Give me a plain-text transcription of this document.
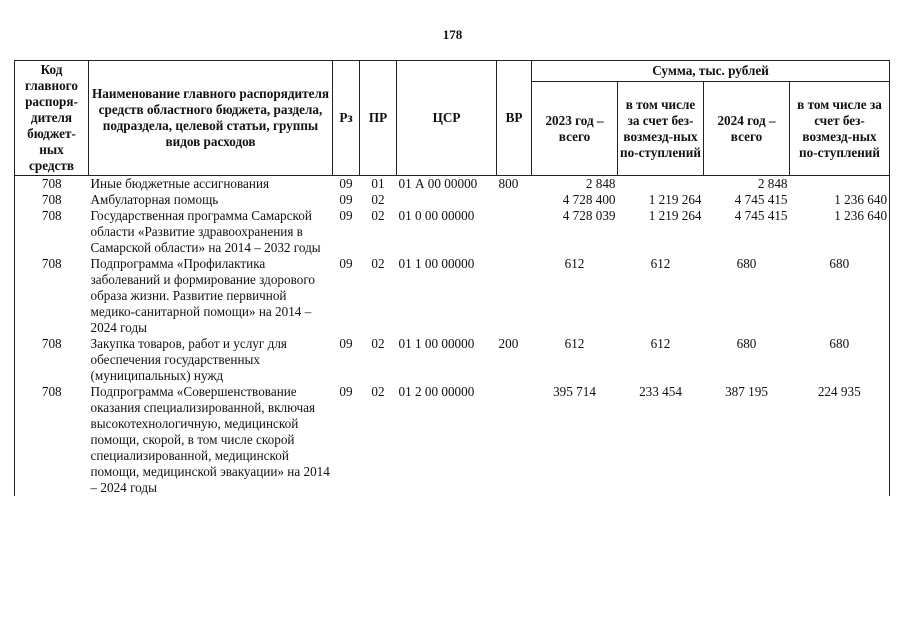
178
Код главного распоря-дителя бюджет-ных средств	Наименование главного распорядителя средств областного бюджета, раздела, подраздела, целевой статьи, группы видов расходов	Рз	ПР	ЦСР	ВР	Сумма, тыс. рублей			
						2023 год – всего	в том числе за счет без-возмезд-ных по-ступлений	2024 год – всего	в том числе за счет без-возмезд-ных по-ступлений
708	Иные бюджетные ассигнования	09	01	01 А 00 00000	800	2 848		2 848	
708	Амбулаторная помощь	09	02			4 728 400	1 219 264	4 745 415	1 236 640
708	Государственная программа Самарской области «Развитие здравоохранения в Самарской области» на 2014 – 2032 годы	09	02	01 0 00 00000		4 728 039	1 219 264	4 745 415	1 236 640
708	Подпрограмма «Профилактика заболеваний и формирование здорового образа жизни. Развитие первичной медико-санитарной помощи» на 2014 – 2024 годы	09	02	01 1 00 00000		612	612	680	680
708	Закупка товаров, работ и услуг для обеспечения государственных (муниципальных) нужд	09	02	01 1 00 00000	200	612	612	680	680
708	Подпрограмма «Совершенствование оказания специализированной, включая высокотехнологичную, медицинской помощи, скорой, в том числе скорой специализированной, медицинской помощи, медицинской эвакуации» на 2014 – 2024 годы	09	02	01 2 00 00000		395 714	233 454	387 195	224 935
